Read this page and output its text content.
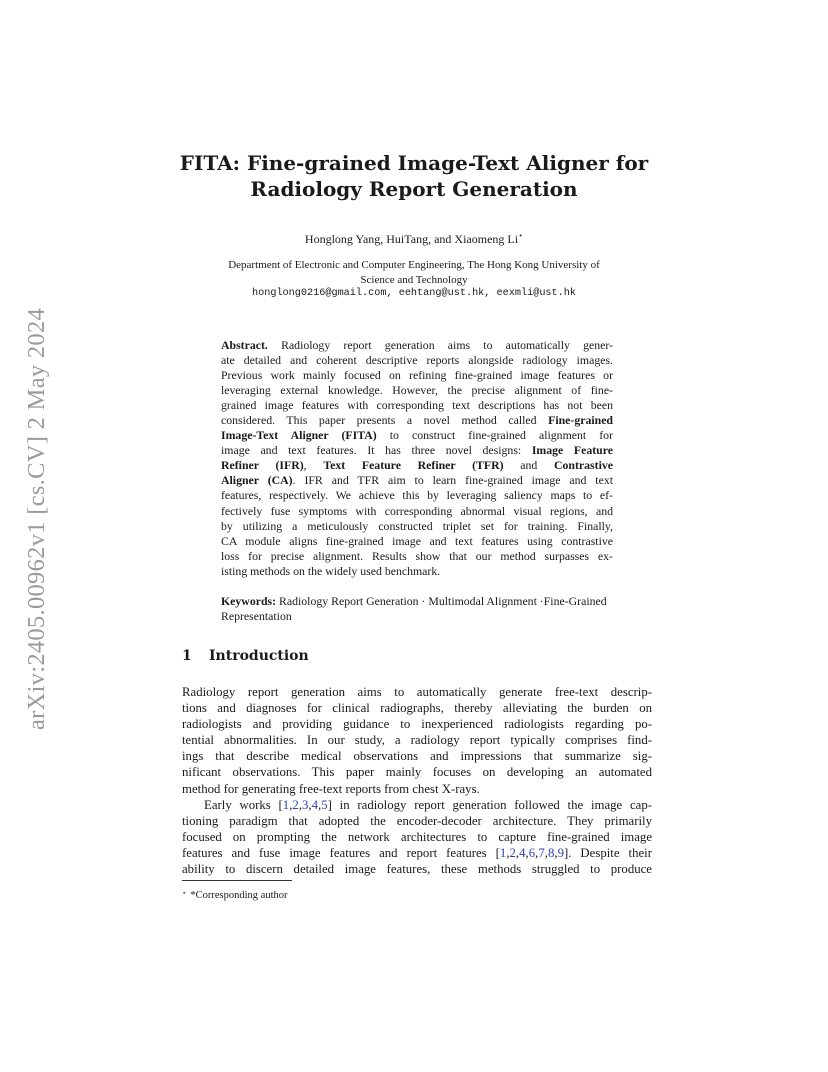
arXiv:2405.00962v1 [cs.CV] 2 May 2024
FITA: Fine-grained Image-Text Aligner for
Radiology Report Generation
Honglong Yang, HuiTang, and Xiaomeng Li⋆
Department of Electronic and Computer Engineering, The Hong Kong University of
Science and Technology
honglong0216@gmail.com, eehtang@ust.hk, eexmli@ust.hk
Abstract. Radiology report generation aims to automatically gener-
ate detailed and coherent descriptive reports alongside radiology images.
Previous work mainly focused on refining fine-grained image features or
leveraging external knowledge. However, the precise alignment of fine-
grained image features with corresponding text descriptions has not been
considered. This paper presents a novel method called Fine-grained
Image-Text Aligner (FITA) to construct fine-grained alignment for
image and text features. It has three novel designs: Image Feature
Refiner (IFR), Text Feature Refiner (TFR) and Contrastive
Aligner (CA). IFR and TFR aim to learn fine-grained image and text
features, respectively. We achieve this by leveraging saliency maps to ef-
fectively fuse symptoms with corresponding abnormal visual regions, and
by utilizing a meticulously constructed triplet set for training. Finally,
CA module aligns fine-grained image and text features using contrastive
loss for precise alignment. Results show that our method surpasses ex-
isting methods on the widely used benchmark.
Keywords: Radiology Report Generation · Multimodal Alignment ·Fine-Grained Representation
1 Introduction
Radiology report generation aims to automatically generate free-text descrip-
tions and diagnoses for clinical radiographs, thereby alleviating the burden on
radiologists and providing guidance to inexperienced radiologists regarding po-
tential abnormalities. In our study, a radiology report typically comprises find-
ings that describe medical observations and impressions that summarize sig-
nificant observations. This paper mainly focuses on developing an automated
method for generating free-text reports from chest X-rays.
Early works [1,2,3,4,5] in radiology report generation followed the image cap-
tioning paradigm that adopted the encoder-decoder architecture. They primarily
focused on prompting the network architectures to capture fine-grained image
features and fuse image features and report features [1,2,4,6,7,8,9]. Despite their
ability to discern detailed image features, these methods struggled to produce
⋆ *Corresponding author
